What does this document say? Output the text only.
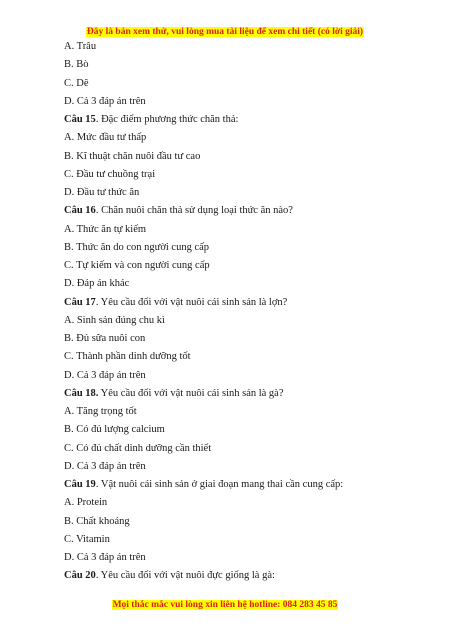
Đây là bản xem thử, vui lòng mua tài liệu để xem chi tiết (có lời giải)
A. Trâu
B. Bò
C. Dê
D. Cả 3 đáp án trên
Câu 15. Đặc điểm phương thức chăn thả:
A. Mức đầu tư thấp
B. Kĩ thuật chăn nuôi đầu tư cao
C. Đầu tư chuồng trại
D. Đầu tư thức ăn
Câu 16. Chăn nuôi chăn thả sử dụng loại thức ăn nào?
A. Thức ăn tự kiếm
B. Thức ăn do con người cung cấp
C. Tự kiếm và con người cung cấp
D. Đáp án khác
Câu 17. Yêu cầu đối với vật nuôi cái sinh sản là lợn?
A. Sinh sản đúng chu kì
B. Đủ sữa nuôi con
C. Thành phần dinh dưỡng tốt
D. Cả 3 đáp án trên
Câu 18. Yêu cầu đối với vật nuôi cái sinh sản là gà?
A. Tăng trọng tốt
B. Có đủ lượng calcium
C. Có đủ chất dinh dưỡng cần thiết
D. Cả 3 đáp án trên
Câu 19. Vật nuôi cái sinh sản ở giai đoạn mang thai cần cung cấp:
A. Protein
B. Chất khoáng
C. Vitamin
D. Cả 3 đáp án trên
Câu 20. Yêu cầu đối với vật nuôi đực giống là gà:
Mọi thắc mắc vui lòng xin liên hệ hotline: 084 283 45 85
